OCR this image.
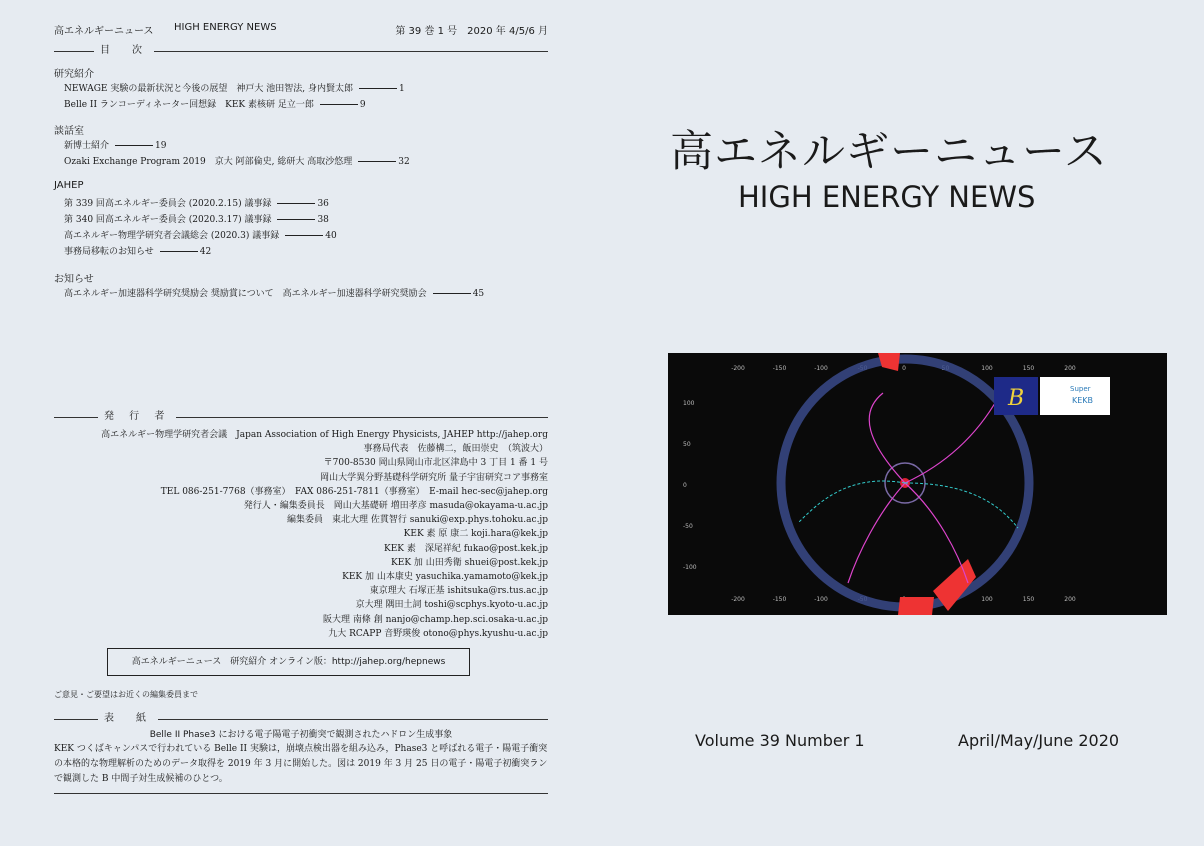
高エネルギーニュース HIGH ENERGY NEWS	第 39 巻 1 号　2020 年 4/5/6 月
目　次
研究紹介
NEWAGE 実験の最新状況と今後の展望　神戸大 池田智法, 身内賢太郎	1
Belle II ランコーディネーター回想録　KEK 素核研 足立一郎	9
談話室
新博士紹介	19
Ozaki Exchange Program 2019　京大 阿部倫史, 総研大 高取沙悠理	32
JAHEP
第 339 回高エネルギー委員会 (2020.2.15) 議事録	36
第 340 回高エネルギー委員会 (2020.3.17) 議事録	38
高エネルギー物理学研究者会議総会 (2020.3) 議事録	40
事務局移転のお知らせ	42
お知らせ
高エネルギー加速器科学研究奨励会 奨励賞について　高エネルギー加速器科学研究奨励会	45
発 行 者
高エネルギー物理学研究者会議　Japan Association of High Energy Physicists, JAHEP http://jahep.org
事務局代表　佐藤構二，飯田崇史　（筑波大）
〒700-8530 岡山県岡山市北区津島中 3 丁目 1 番 1 号
岡山大学異分野基礎科学研究所 量子宇宙研究コア事務室
TEL 086-251-7768（事務室）　FAX 086-251-7811（事務室）　E-mail hec-sec@jahep.org
発行人・編集委員長　岡山大基礎研 増田孝彦 masuda@okayama-u.ac.jp
編集委員　東北大理 佐貫智行 sanuki@exp.phys.tohoku.ac.jp
KEK 素 原 康二 koji.hara@kek.jp
KEK 素　深尾祥紀 fukao@post.kek.jp
KEK 加 山田秀衛 shuei@post.kek.jp
KEK 加 山本康史 yasuchika.yamamoto@kek.jp
東京理大 石塚正基 ishitsuka@rs.tus.ac.jp
京大理 隅田土詞 toshi@scphys.kyoto-u.ac.jp
阪大理 南條 創 nanjo@champ.hep.sci.osaka-u.ac.jp
九大 RCAPP 音野瑛俊 otono@phys.kyushu-u.ac.jp
高エネルギーニュース　研究紹介 オンライン版：http://jahep.org/hepnews
ご意見・ご要望はお近くの編集委員まで
表　紙
Belle II Phase3 における電子陽電子初衝突で観測されたハドロン生成事象
KEK つくばキャンパスで行われている Belle II 実験は，崩壊点検出器を組み込み，Phase3 と呼ばれる電子・陽電子衝突の本格的な物理解析のためのデータ取得を 2019 年 3 月に開始した。図は 2019 年 3 月 25 日の電子・陽電子初衝突ランで観測した B 中間子対生成候補のひとつ。
高エネルギーニュース
HIGH ENERGY NEWS
-200
-200
-150
-150
-100
-100
-50
-50
0	50	100
100
150
150
200
200
100
50
0
-50
-100
B	Super
KEKB
Volume 39 Number 1	April/May/June 2020
